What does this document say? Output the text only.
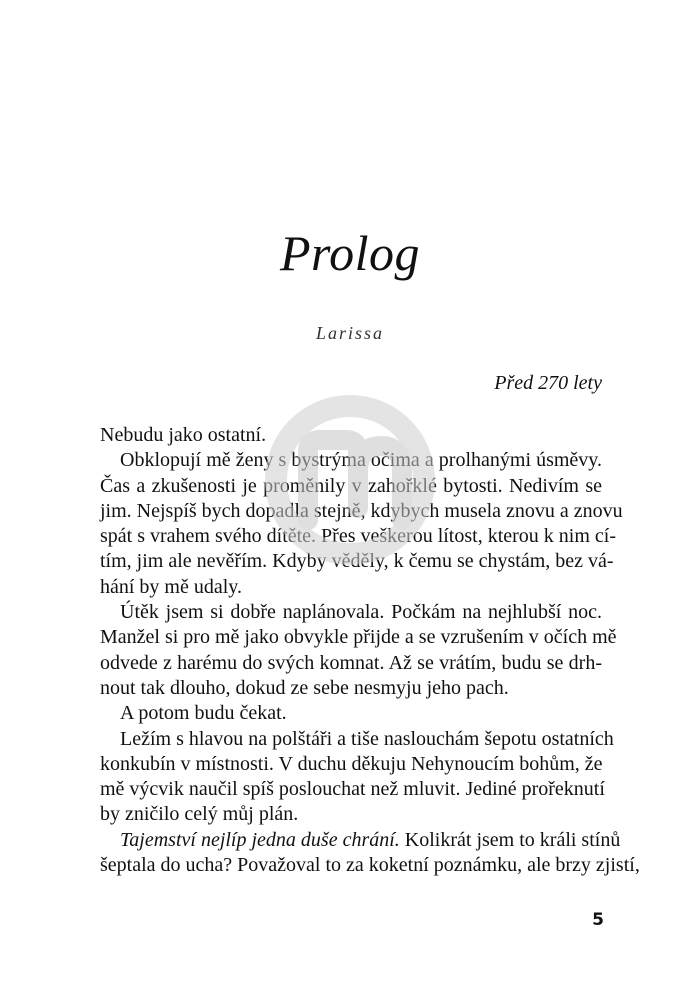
Prolog
Larissa
Před 270 lety
Nebudu jako ostatní.
Obklopují mě ženy s bystrýma očima a prolhanými úsměvy.
Čas a zkušenosti je proměnily v zahořklé bytosti. Nedivím se
jim. Nejspíš bych dopadla stejně, kdybych musela znovu a znovu
spát s vrahem svého dítěte. Přes veškerou lítost, kterou k nim cí-
tím, jim ale nevěřím. Kdyby věděly, k čemu se chystám, bez vá-
hání by mě udaly.
Útěk jsem si dobře naplánovala. Počkám na nejhlubší noc.
Manžel si pro mě jako obvykle přijde a se vzrušením v očích mě
odvede z harému do svých komnat. Až se vrátím, budu se drh-
nout tak dlouho, dokud ze sebe nesmyju jeho pach.
A potom budu čekat.
Ležím s hlavou na polštáři a tiše naslouchám šepotu ostatních
konkubín v místnosti. V duchu děkuju Nehynoucím bohům, že
mě výcvik naučil spíš poslouchat než mluvit. Jediné prořeknutí
by zničilo celý můj plán.
Tajemství nejlíp jedna duše chrání. Kolikrát jsem to králi stínů
šeptala do ucha? Považoval to za koketní poznámku, ale brzy zjistí,
5
